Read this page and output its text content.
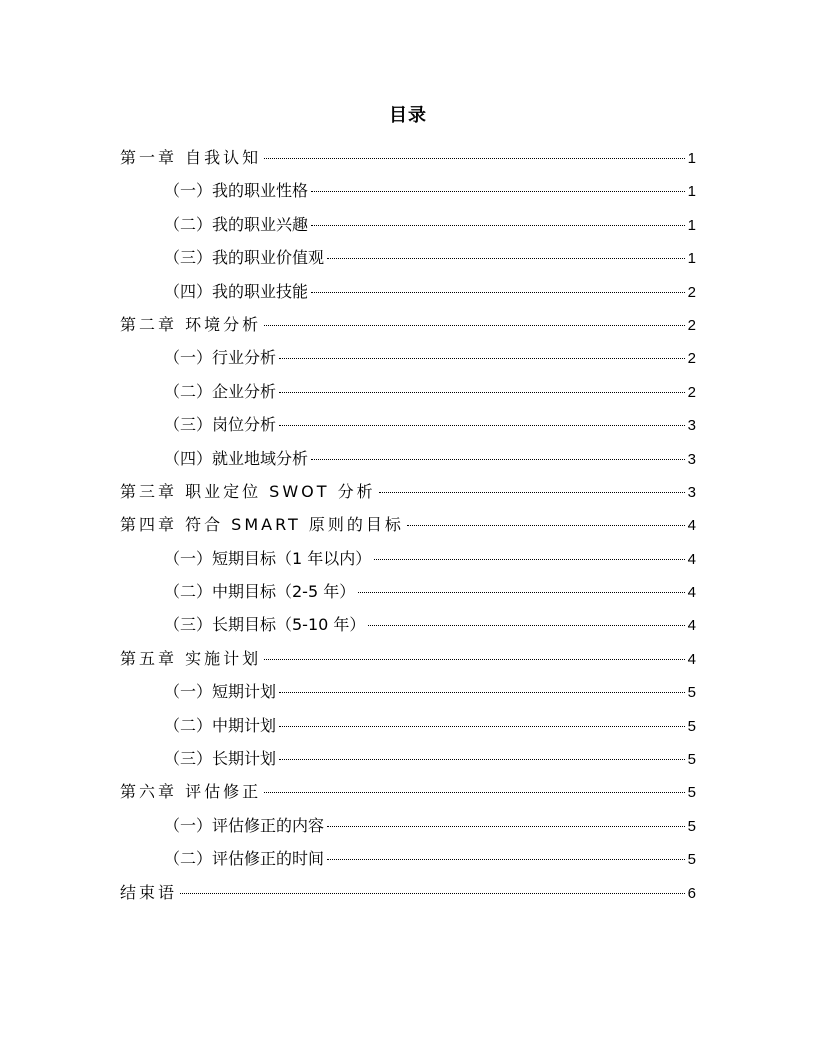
目录
第一章 自我认知	1
（一）我的职业性格	1
（二）我的职业兴趣	1
（三）我的职业价值观	1
（四）我的职业技能	2
第二章 环境分析	2
（一）行业分析	2
（二）企业分析	2
（三）岗位分析	3
（四）就业地域分析	3
第三章 职业定位 SWOT 分析	3
第四章 符合 SMART 原则的目标	4
（一）短期目标（1 年以内）	4
（二）中期目标（2-5 年）	4
（三）长期目标（5-10 年）	4
第五章 实施计划	4
（一）短期计划	5
（二）中期计划	5
（三）长期计划	5
第六章 评估修正	5
（一）评估修正的内容	5
（二）评估修正的时间	5
结束语	6
